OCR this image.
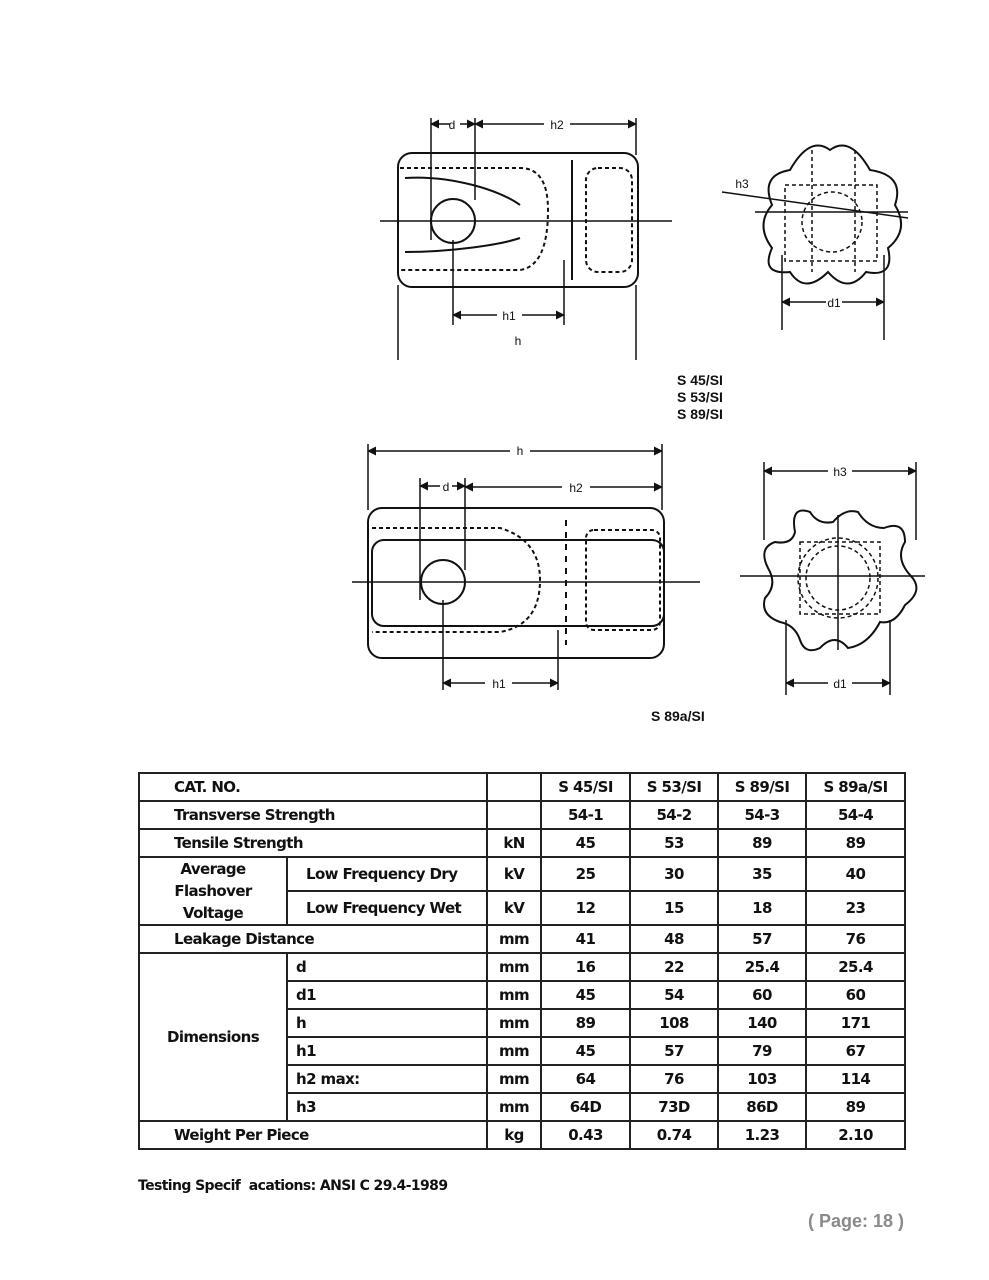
d	h2
h1
h
h3
d1
h
d	h2
h1
h3
d1
S 45/SI
S 53/SI
S 89/SI
S 89a/SI
CAT. NO.			S 45/SI	S 53/SI	S 89/SI	S 89a/SI
Transverse Strength			54-1	54-2	54-3	54-4
Tensile Strength		kN	45	53	89	89
Average Flashover Voltage	Low Frequency Dry	kV	25	30	35	40
	Low Frequency Wet	kV	12	15	18	23
Leakage Distance		mm	41	48	57	76
Dimensions	d	mm	16	22	25.4	25.4
	d1	mm	45	54	60	60
	h	mm	89	108	140	171
	h1	mm	45	57	79	67
	h2 max:	mm	64	76	103	114
	h3	mm	64D	73D	86D	89
Weight Per Piece		kg	0.43	0.74	1.23	2.10
Testing Specif  acations: ANSI C 29.4-1989
( Page: 18 )
